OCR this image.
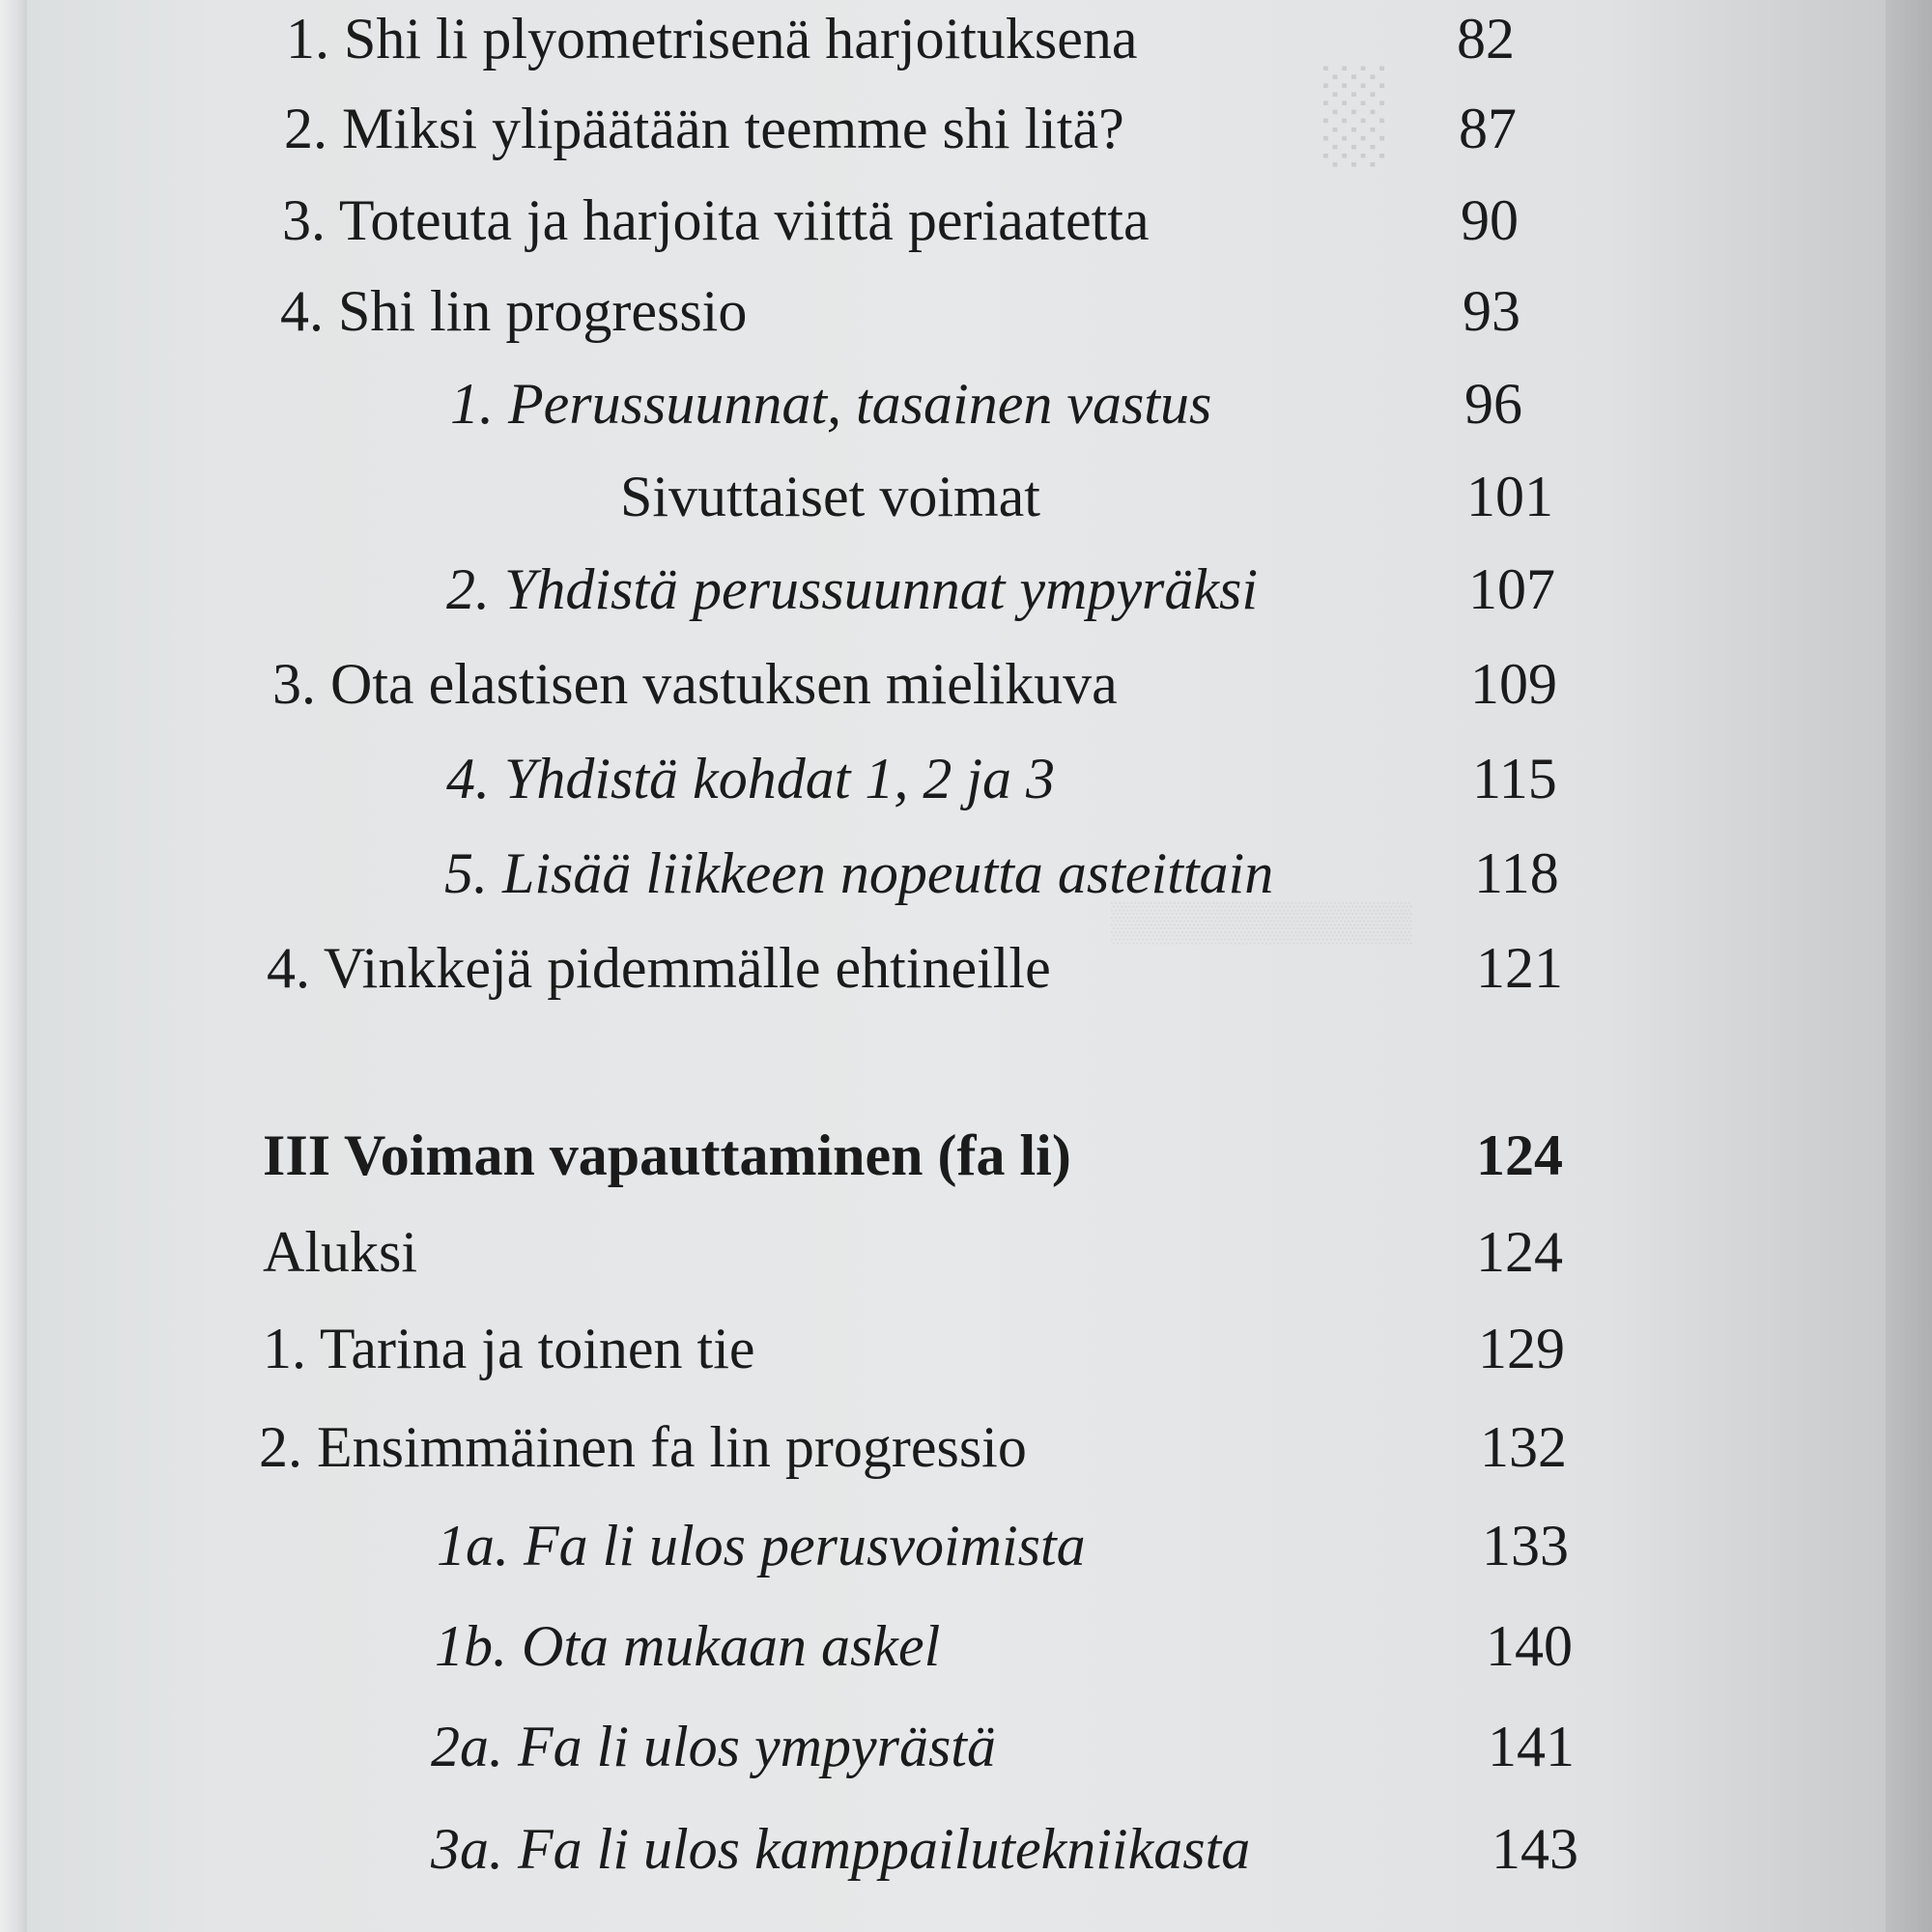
░
▒▒▒▒▒▒▒▒▒▒▒
1. Shi li plyometrisenä harjoituksena	82
2. Miksi ylipäätään teemme shi litä?	87
3. Toteuta ja harjoita viittä periaatetta	90
4. Shi lin progressio	93
1. Perussuunnat, tasainen vastus	96
Sivuttaiset voimat	101
2. Yhdistä perussuunnat ympyräksi	107
3. Ota elastisen vastuksen mielikuva	109
4. Yhdistä kohdat 1, 2 ja 3	115
5. Lisää liikkeen nopeutta asteittain	118
4. Vinkkejä pidemmälle ehtineille	121
III Voiman vapauttaminen (fa li)	124
Aluksi	124
1. Tarina ja toinen tie	129
2. Ensimmäinen fa lin progressio	132
1a. Fa li ulos perusvoimista	133
1b. Ota mukaan askel	140
2a. Fa li ulos ympyrästä	141
3a. Fa li ulos kamppailutekniikasta	143
